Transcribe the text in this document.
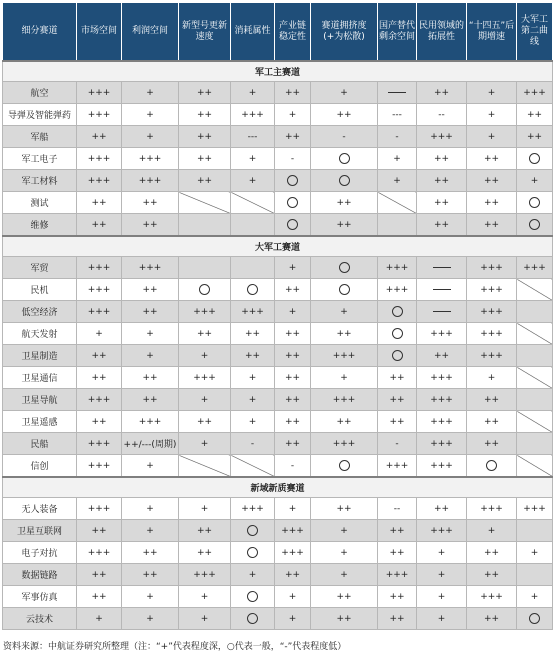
细分赛道	市场空间	利润空间	新型号更新速度	消耗属性	产业链稳定性	赛道拥挤度(+为松散)	国产替代剩余空间	民用领域的拓展性	“十四五”后期增速	大军工第二曲线
军工主赛道										
航空	+++	+	++	+	++	+		++	+	+++
导弹及智能弹药	+++	+	++	+++	+	++	---	--	+	++
军船	++	+	++	---	++	-	-	+++	+	++
军工电子	+++	+++	++	+	-		+	++	++	
军工材料	+++	+++	++	+			+	++	++	+
测试	++	++				++		++	++	
维修	++	++				++		++	++	
大军工赛道										
军贸	+++	+++			+		+++		+++	+++
民机	+++	++			++		+++		+++	
低空经济	+++	++	+++	+++	+	+			+++	
航天发射	+	+	++	++	++	++		+++	+++	
卫星制造	++	+	+	++	++	+++		++	+++	
卫星通信	++	++	+++	+	++	+	++	+++	+	
卫星导航	+++	++	+	+	++	+++	++	+++	++	
卫星遥感	++	+++	++	+	++	++	++	+++	++	
民船	+++	++/---(周期)	+	-	++	+++	-	+++	++	
信创	+++	+			-		+++	+++		
新域新质赛道										
无人装备	+++	+	+	+++	+	++	--	++	+++	+++
卫星互联网	++	+	++		+++	+	++	+++	+	
电子对抗	+++	++	++		+++	+	++	+	++	+
数据链路	++	++	+++	+	++	+	+++	+	++	
军事仿真	++	+	+		+	++	++	+	+++	+
云技术	+	+	+		+	++	++	+	++	
资料来源：中航证券研究所整理（注：“+”代表程度深，○代表一般，“-”代表程度低）
